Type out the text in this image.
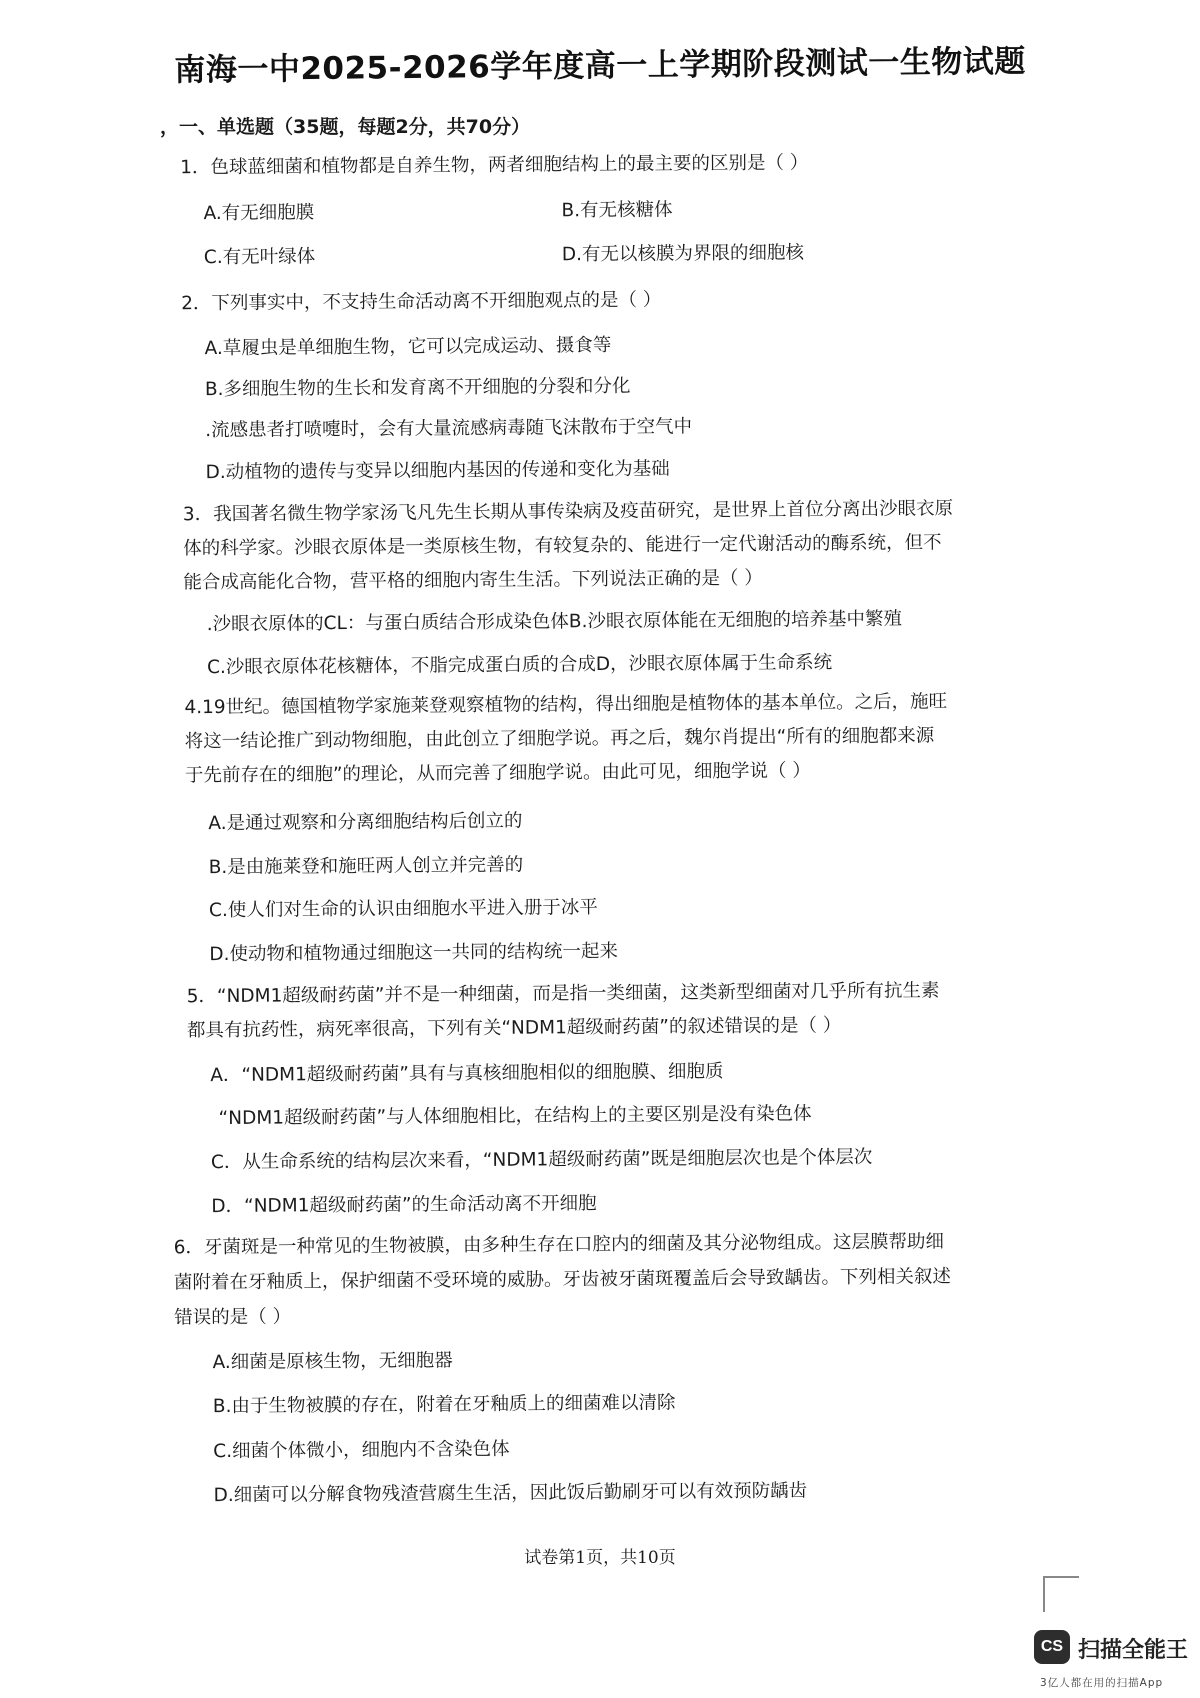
南海一中2025-2026学年度高一上学期阶段测试一生物试题
，一、单选题（35题，每题2分，共70分）
1．色球蓝细菌和植物都是自养生物，两者细胞结构上的最主要的区别是（ ）
A.有无细胞膜	B.有无核糖体
C.有无叶绿体	D.有无以核膜为界限的细胞核
2．下列事实中，不支持生命活动离不开细胞观点的是（ ）
A.草履虫是单细胞生物，它可以完成运动、摄食等
B.多细胞生物的生长和发育离不开细胞的分裂和分化
.流感患者打喷嚏时，会有大量流感病毒随飞沫散布于空气中
D.动植物的遗传与变异以细胞内基因的传递和变化为基础
3．我国著名微生物学家汤飞凡先生长期从事传染病及疫苗研究，是世界上首位分离出沙眼衣原
体的科学家。沙眼衣原体是一类原核生物，有较复杂的、能进行一定代谢活动的酶系统，但不
能合成高能化合物，营平格的细胞内寄生生活。下列说法正确的是（ ）
.沙眼衣原体的CL：与蛋白质结合形成染色体B.沙眼衣原体能在无细胞的培养基中繁殖
C.沙眼衣原体花核糖体，不脂完成蛋白质的合成D，沙眼衣原体属于生命系统
4.19世纪。德国植物学家施莱登观察植物的结构，得出细胞是植物体的基本单位。之后，施旺
将这一结论推广到动物细胞，由此创立了细胞学说。再之后，魏尔肖提出“所有的细胞都来源
于先前存在的细胞”的理论，从而完善了细胞学说。由此可见，细胞学说（ ）
A.是通过观察和分离细胞结构后创立的
B.是由施莱登和施旺两人创立并完善的
C.使人们对生命的认识由细胞水平进入册于冰平
D.使动物和植物通过细胞这一共同的结构统一起来
5．“NDM1超级耐药菌”并不是一种细菌，而是指一类细菌，这类新型细菌对几乎所有抗生素
都具有抗药性，病死率很高，下列有关“NDM1超级耐药菌”的叙述错误的是（ ）
A．“NDM1超级耐药菌”具有与真核细胞相似的细胞膜、细胞质
“NDM1超级耐药菌”与人体细胞相比，在结构上的主要区别是没有染色体
C．从生命系统的结构层次来看，“NDM1超级耐药菌”既是细胞层次也是个体层次
D．“NDM1超级耐药菌”的生命活动离不开细胞
6．牙菌斑是一种常见的生物被膜，由多种生存在口腔内的细菌及其分泌物组成。这层膜帮助细
菌附着在牙釉质上，保护细菌不受环境的威胁。牙齿被牙菌斑覆盖后会导致龋齿。下列相关叙述
错误的是（ ）
A.细菌是原核生物，无细胞器
B.由于生物被膜的存在，附着在牙釉质上的细菌难以清除
C.细菌个体微小，细胞内不含染色体
D.细菌可以分解食物残渣营腐生生活，因此饭后勤刷牙可以有效预防龋齿
试卷第1页，共10页
CS 扫描全能王
3亿人都在用的扫描App
